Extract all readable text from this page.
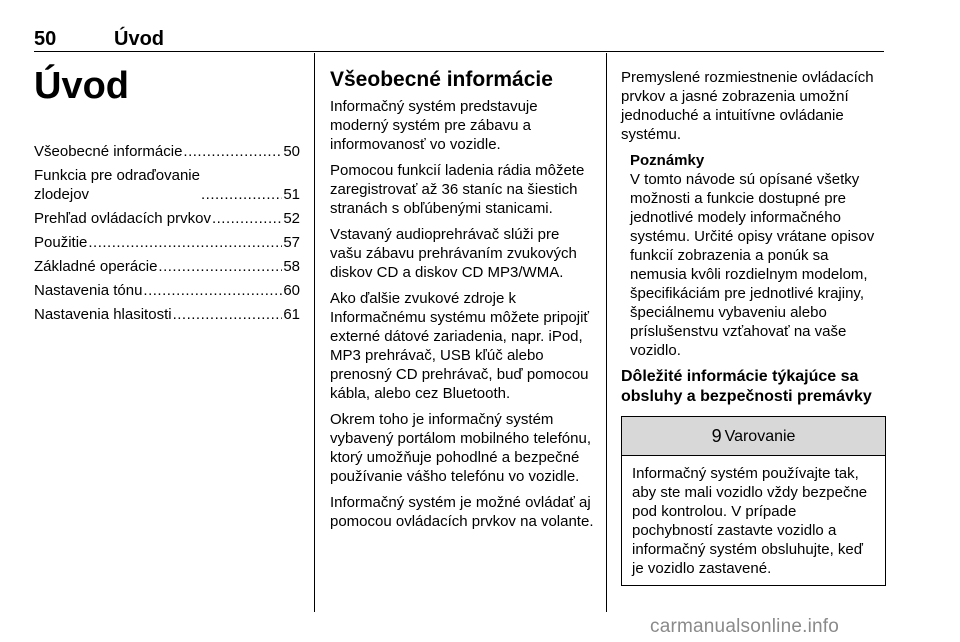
50	Úvod
Úvod
Všeobecné informácie .....	50
Funkcia pre odraďovanie
zlodejov .....	51
Prehľad ovládacích prvkov .....	52
Použitie .....	57
Základné operácie .....	58
Nastavenia tónu .....	60
Nastavenia hlasitosti .....	61
Všeobecné informácie

Informačný systém predstavuje moderný systém pre zábavu a informovanosť vo vozidle.

Pomocou funkcií ladenia rádia môžete zaregistrovať až 36 staníc na šiestich stranách s obľúbenými stanicami.

Vstavaný audioprehrávač slúži pre vašu zábavu prehrávaním zvukových diskov CD a diskov CD MP3/WMA.

Ako ďalšie zvukové zdroje k Informačnému systému môžete pripojiť externé dátové zariadenia, napr. iPod, MP3 prehrávač, USB kľúč alebo prenosný CD prehrávač, buď pomocou kábla, alebo cez Bluetooth.

Okrem toho je informačný systém vybavený portálom mobilného telefónu, ktorý umožňuje pohodlné a bezpečné používanie vášho telefónu vo vozidle.

Informačný systém je možné ovládať aj pomocou ovládacích prvkov na volante.

Premyslené rozmiestnenie ovládacích prvkov a jasné zobrazenia umožní jednoduché a intuitívne ovládanie systému.

Poznámky
V tomto návode sú opísané všetky možnosti a funkcie dostupné pre jednotlivé modely informačného systému. Určité opisy vrátane opisov funkcií zobrazenia a ponúk sa nemusia kvôli rozdielnym modelom, špecifikáciám pre jednotlivé krajiny, špeciálnemu vybaveniu alebo príslušenstvu vzťahovať na vaše vozidlo.
Dôležité informácie týkajúce sa obsluhy a bezpečnosti premávky
9 Varovanie
Informačný systém používajte tak, aby ste mali vozidlo vždy bezpečne pod kontrolou. V prípade pochybností zastavte vozidlo a informačný systém obsluhujte, keď je vozidlo zastavené.
carmanualsonline.info
